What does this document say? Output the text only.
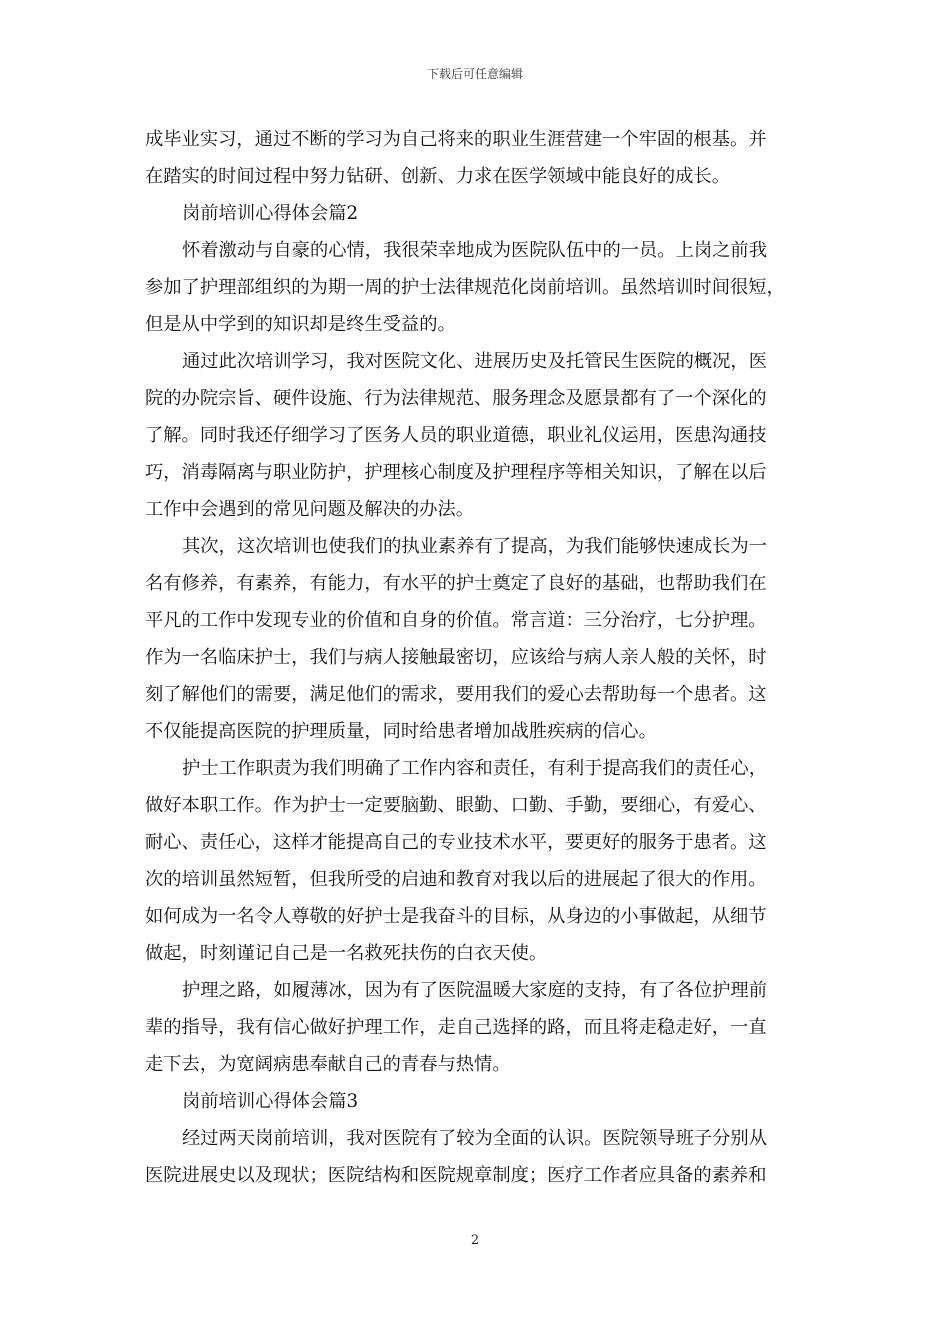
下载后可任意编辑
成毕业实习，通过不断的学习为自己将来的职业生涯营建一个牢固的根基。并
在踏实的时间过程中努力钻研、创新、力求在医学领域中能良好的成长。
岗前培训心得体会篇2
怀着激动与自豪的心情，我很荣幸地成为医院队伍中的一员。上岗之前我
参加了护理部组织的为期一周的护士法律规范化岗前培训。虽然培训时间很短，
但是从中学到的知识却是终生受益的。
通过此次培训学习，我对医院文化、进展历史及托管民生医院的概况，医
院的办院宗旨、硬件设施、行为法律规范、服务理念及愿景都有了一个深化的
了解。同时我还仔细学习了医务人员的职业道德，职业礼仪运用，医患沟通技
巧，消毒隔离与职业防护，护理核心制度及护理程序等相关知识，了解在以后
工作中会遇到的常见问题及解决的办法。
其次，这次培训也使我们的执业素养有了提高，为我们能够快速成长为一
名有修养，有素养，有能力，有水平的护士奠定了良好的基础，也帮助我们在
平凡的工作中发现专业的价值和自身的价值。常言道：三分治疗，七分护理。
作为一名临床护士，我们与病人接触最密切，应该给与病人亲人般的关怀，时
刻了解他们的需要，满足他们的需求，要用我们的爱心去帮助每一个患者。这
不仅能提高医院的护理质量，同时给患者增加战胜疾病的信心。
护士工作职责为我们明确了工作内容和责任，有利于提高我们的责任心，
做好本职工作。作为护士一定要脑勤、眼勤、口勤、手勤，要细心，有爱心、
耐心、责任心，这样才能提高自己的专业技术水平，要更好的服务于患者。这
次的培训虽然短暂，但我所受的启迪和教育对我以后的进展起了很大的作用。
如何成为一名令人尊敬的好护士是我奋斗的目标，从身边的小事做起，从细节
做起，时刻谨记自己是一名救死扶伤的白衣天使。
护理之路，如履薄冰，因为有了医院温暖大家庭的支持，有了各位护理前
辈的指导，我有信心做好护理工作，走自己选择的路，而且将走稳走好，一直
走下去，为宽阔病患奉献自己的青春与热情。
岗前培训心得体会篇3
经过两天岗前培训，我对医院有了较为全面的认识。医院领导班子分别从
医院进展史以及现状；医院结构和医院规章制度；医疗工作者应具备的素养和
2
